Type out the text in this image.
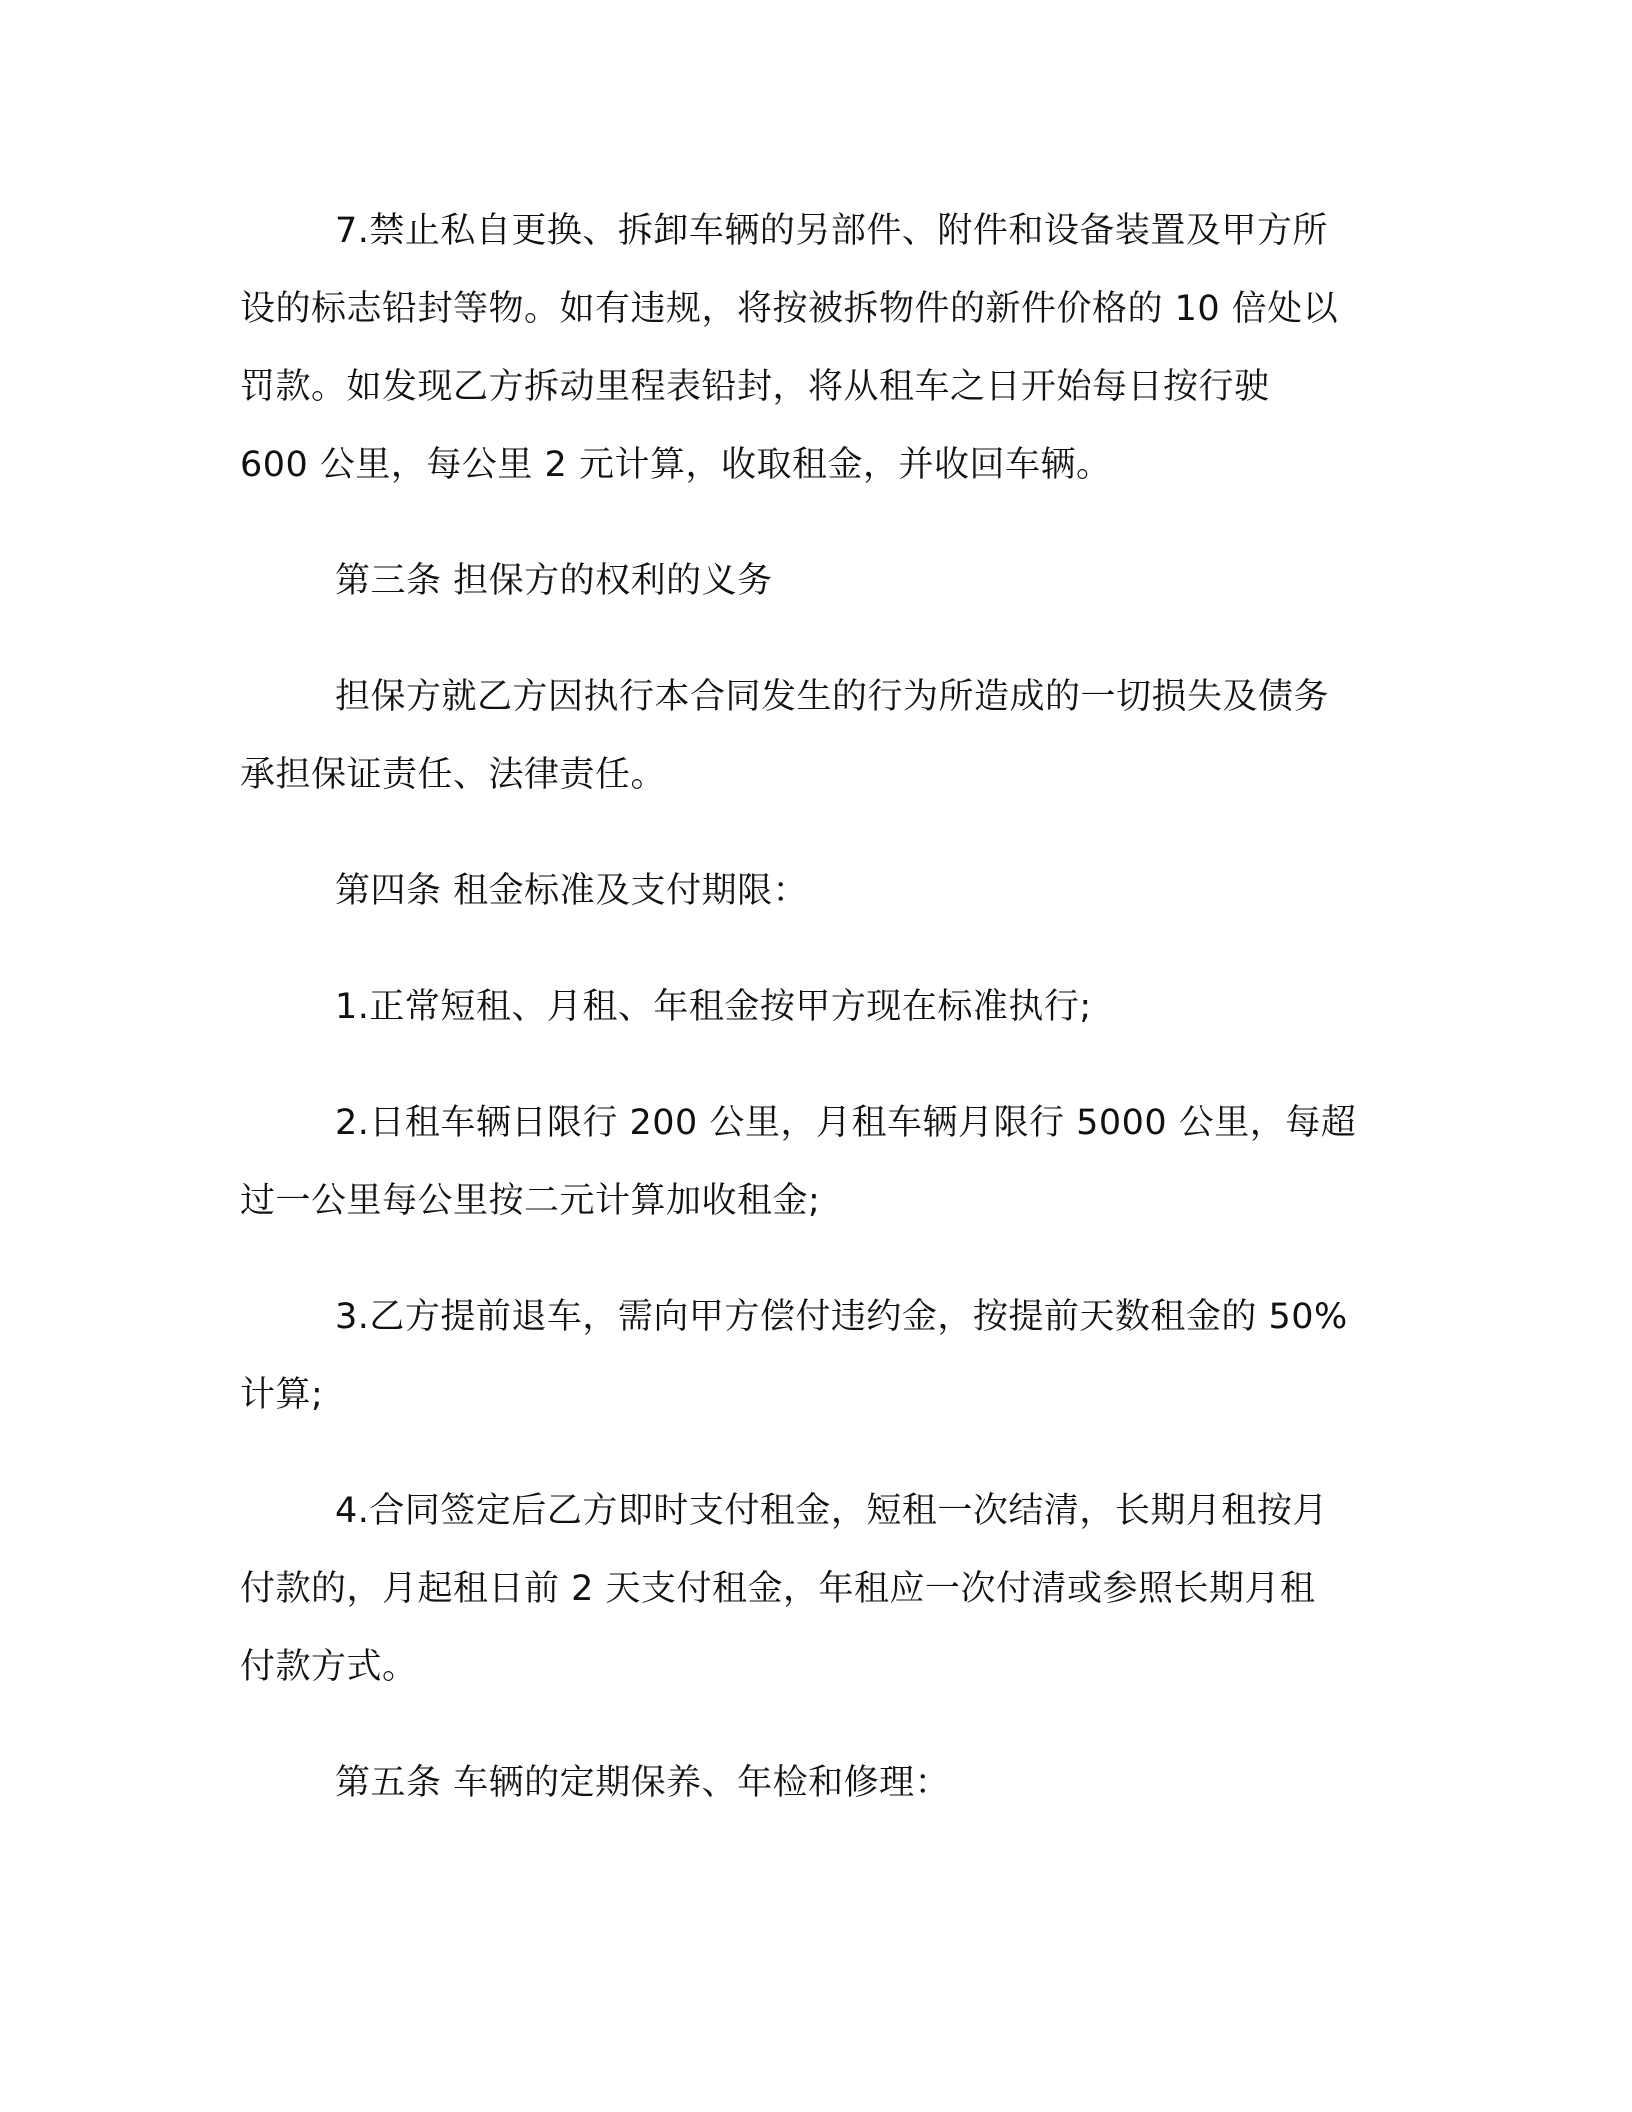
7.禁止私自更换、拆卸车辆的另部件、附件和设备装置及甲方所
设的标志铅封等物。如有违规，将按被拆物件的新件价格的 10 倍处以
罚款。如发现乙方拆动里程表铅封，将从租车之日开始每日按行驶
600 公里，每公里 2 元计算，收取租金，并收回车辆。

第三条 担保方的权利的义务

担保方就乙方因执行本合同发生的行为所造成的一切损失及债务
承担保证责任、法律责任。

第四条 租金标准及支付期限：

1.正常短租、月租、年租金按甲方现在标准执行;

2.日租车辆日限行 200 公里，月租车辆月限行 5000 公里，每超
过一公里每公里按二元计算加收租金;

3.乙方提前退车，需向甲方偿付违约金，按提前天数租金的 50%
计算;

4.合同签定后乙方即时支付租金，短租一次结清，长期月租按月
付款的，月起租日前 2 天支付租金，年租应一次付清或参照长期月租
付款方式。

第五条 车辆的定期保养、年检和修理：
